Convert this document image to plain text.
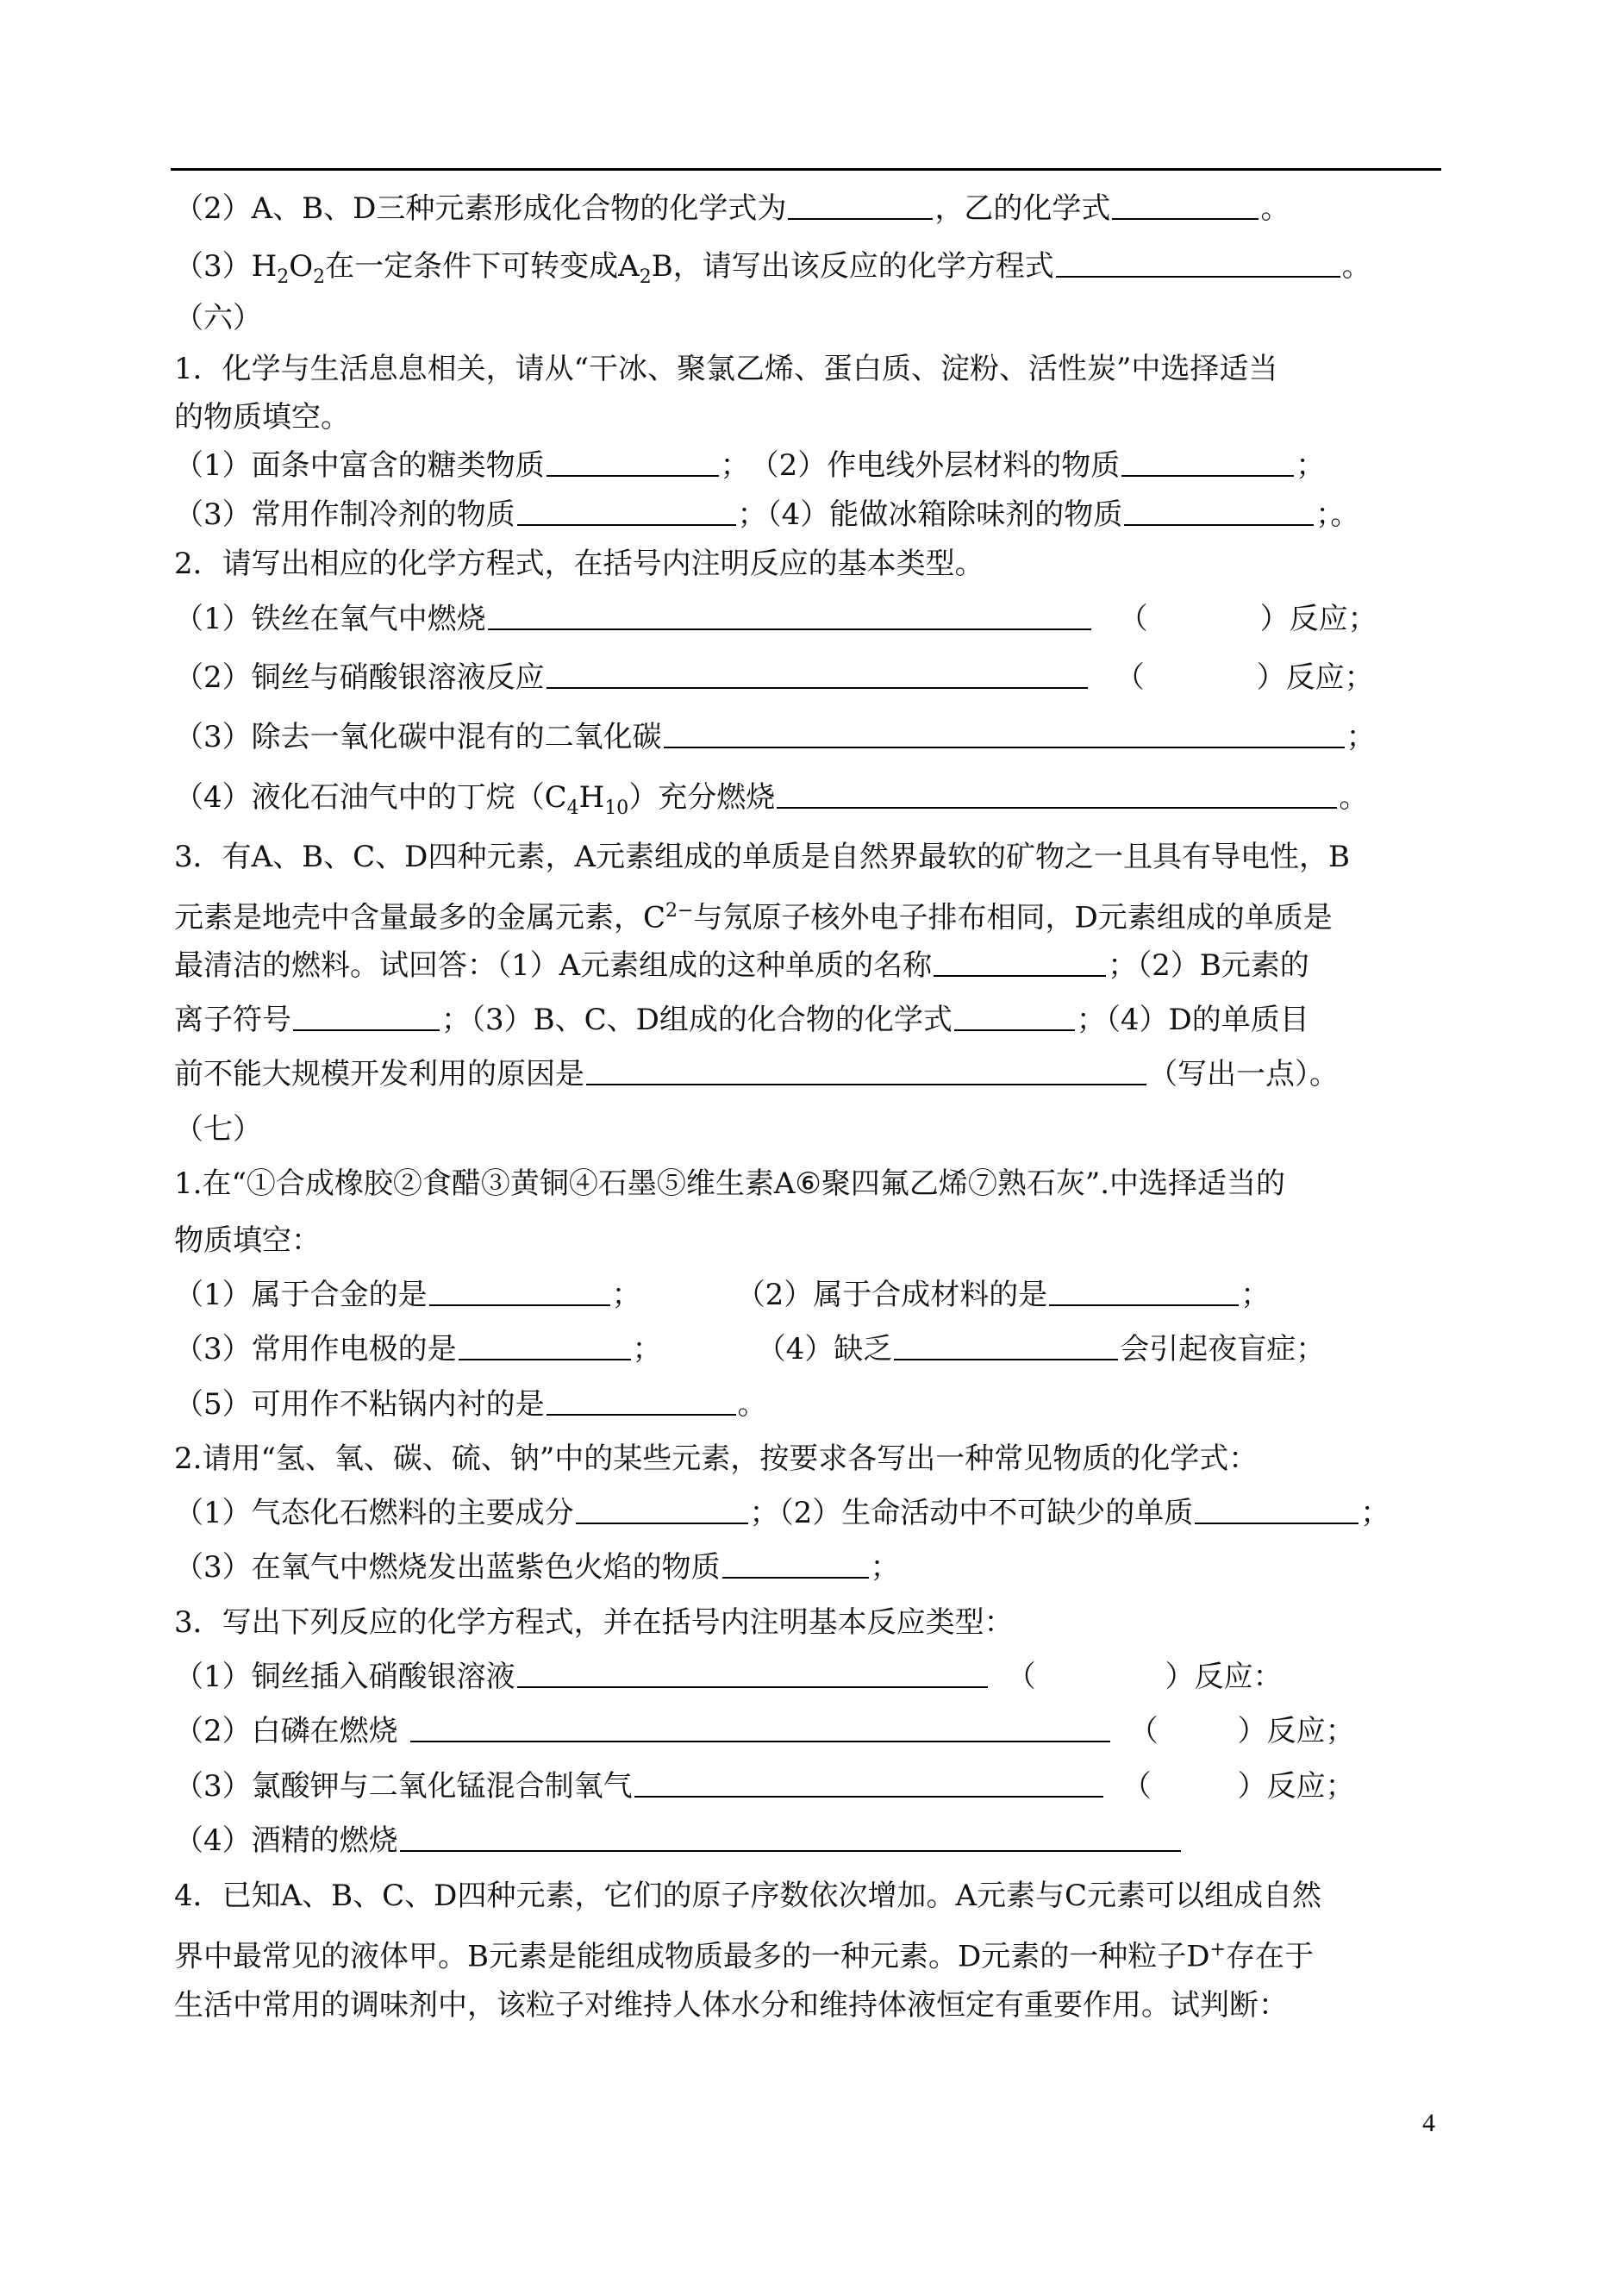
（2）A、B、D三种元素形成化合物的化学式为	，乙的化学式	。
$(3)H_2O_2$在一定条件下可转变成$A_2B$，请写出该反应的化学方程式	。
（六）
1．化学与生活息息相关，请从“干冰、聚氯乙烯、蛋白质、淀粉、活性炭”中选择适当
的物质填空。
（1）面条中富含的糖类物质	；　（2）作电线外层材料的物质	；
（3）常用作制冷剂的物质	；（4）能做冰箱除味剂的物质	；。
2．请写出相应的化学方程式，在括号内注明反应的基本类型。
（1）铁丝在氧气中燃烧	（	）反应；
（2）铜丝与硝酸银溶液反应	（	）反应；
（3）除去一氧化碳中混有的二氧化碳	；
（4）液化石油气中的丁烷$(C_4H_{10})$充分燃烧	。
3．有A、B、C、D四种元素，A元素组成的单质是自然界最软的矿物之一且具有导电性，B
元素是地壳中含量最多的金属元素，$C^{2-}$与氖原子核外电子排布相同，D元素组成的单质是
最清洁的燃料。试回答：（1）A元素组成的这种单质的名称	；（2）B元素的
离子符号	；（3）B、C、D组成的化合物的化学式	；（4）D的单质目
前不能大规模开发利用的原因是	（写出一点）。
（七）
1.在“①合成橡胶②食醋③黄铜④石墨⑤维生素A⑥聚四氟乙烯⑦熟石灰”.中选择适当的
物质填空：
（1）属于合金的是	；	（2）属于合成材料的是	；
（3）常用作电极的是	；	（4）缺乏	会引起夜盲症；
（5）可用作不粘锅内衬的是	。
2.请用“氢、氧、碳、硫、钠”中的某些元素，按要求各写出一种常见物质的化学式：
（1）气态化石燃料的主要成分	；（2）生命活动中不可缺少的单质	；
（3）在氧气中燃烧发出蓝紫色火焰的物质	；
3．写出下列反应的化学方程式，并在括号内注明基本反应类型：
（1）铜丝插入硝酸银溶液	（	）反应：
（2）白磷在燃烧	（	）反应；
（3）氯酸钾与二氧化锰混合制氧气	（	）反应；
（4）酒精的燃烧
4．已知A、B、C、D四种元素，它们的原子序数依次增加。A元素与C元素可以组成自然
界中最常见的液体甲。B元素是能组成物质最多的一种元素。D元素的一种粒子D+存在于
生活中常用的调味剂中，该粒子对维持人体水分和维持体液恒定有重要作用。试判断：
4
